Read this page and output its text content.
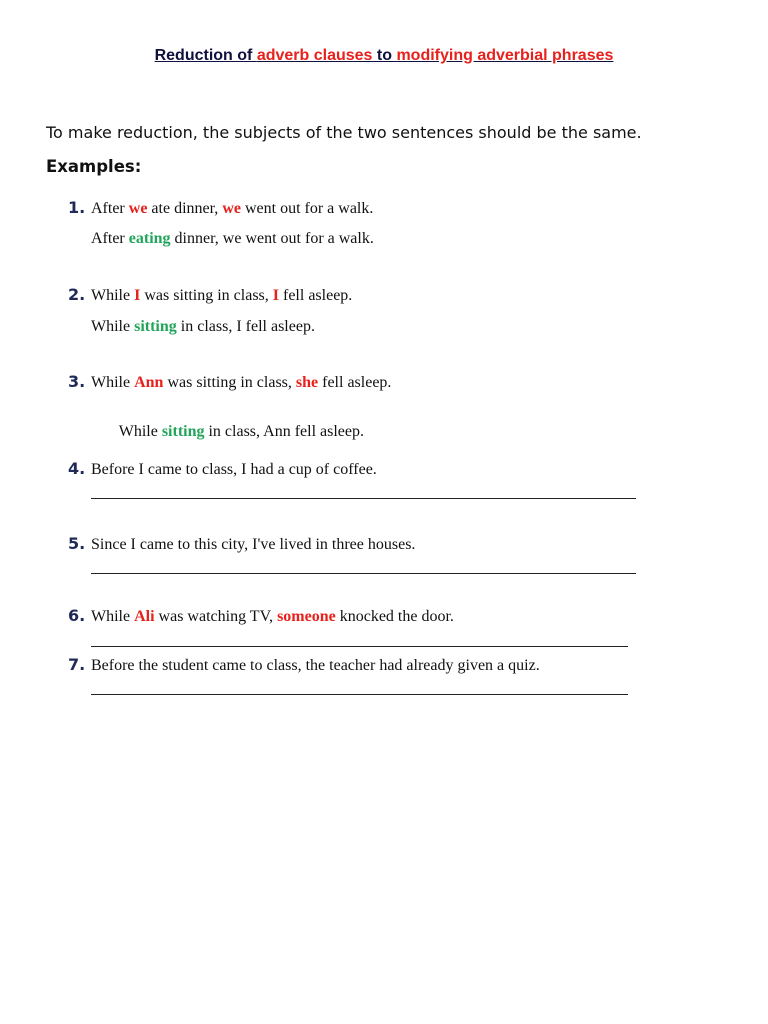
Reduction of adverb clauses to modifying adverbial phrases
To make reduction, the subjects of the two sentences should be the same.
Examples:
1. After we ate dinner, we went out for a walk.
After eating dinner, we went out for a walk.
2. While I was sitting in class, I fell asleep.
While sitting in class, I fell asleep.
3. While Ann was sitting in class, she fell asleep.

While sitting in class, Ann fell asleep.

4. Before I came to class, I had a cup of coffee.
5. Since I came to this city, I've lived in three houses.
6. While Ali was watching TV, someone knocked the door.
7. Before the student came to class, the teacher had already given a quiz.
